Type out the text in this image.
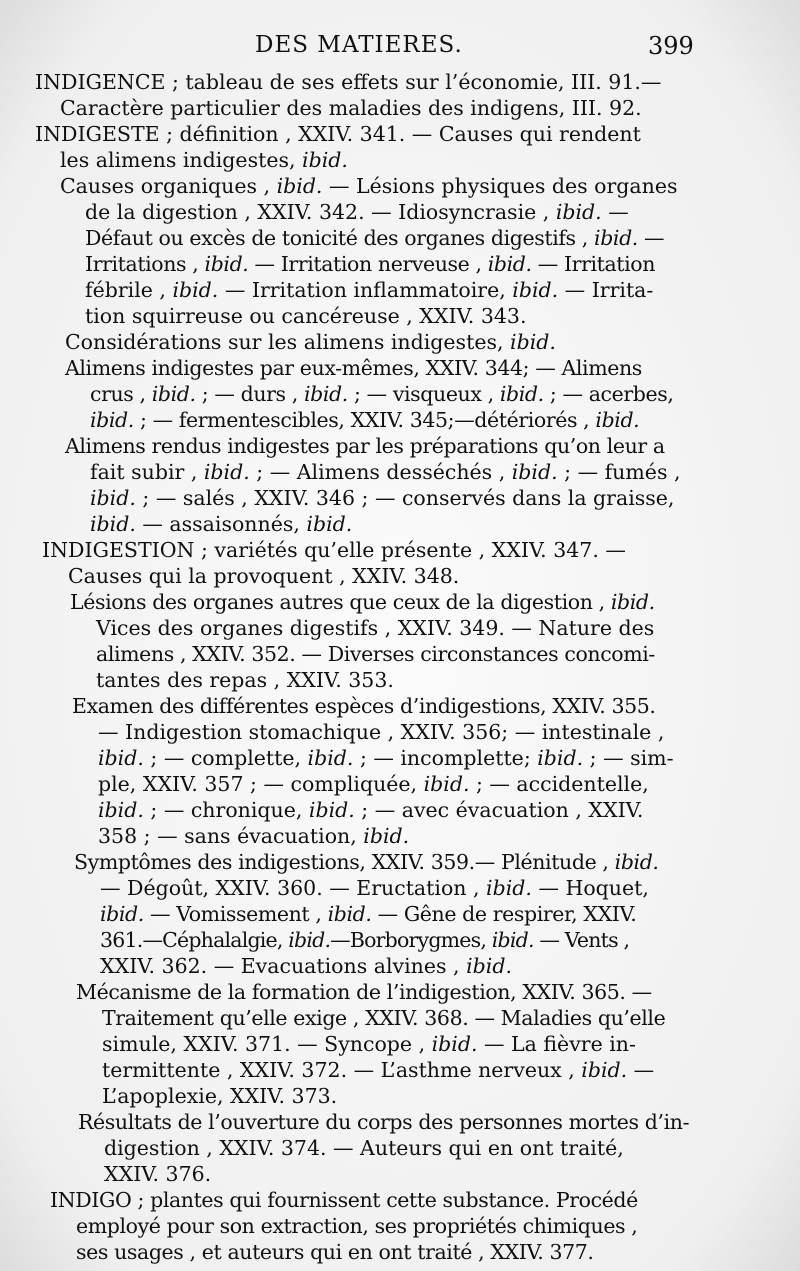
DES MATIERES.	399
INDIGENCE ; tableau de ses effets sur l’économie, III. 91.—
Caractère particulier des maladies des indigens, III. 92.
INDIGESTE ; définition , XXIV. 341. — Causes qui rendent
les alimens indigestes, ibid.
Causes organiques , ibid. — Lésions physiques des organes
de la digestion , XXIV. 342. — Idiosyncrasie , ibid. —
Défaut ou excès de tonicité des organes digestifs , ibid. —
Irritations , ibid. — Irritation nerveuse , ibid. — Irritation
fébrile , ibid. — Irritation inflammatoire, ibid. — Irrita-
tion squirreuse ou cancéreuse , XXIV. 343.
Considérations sur les alimens indigestes, ibid.
Alimens indigestes par eux-mêmes, XXIV. 344; — Alimens
crus , ibid. ; — durs , ibid. ; — visqueux , ibid. ; — acerbes,
ibid. ; — fermentescibles, XXIV. 345;—détériorés , ibid.
Alimens rendus indigestes par les préparations qu’on leur a
fait subir , ibid. ; — Alimens desséchés , ibid. ; — fumés ,
ibid. ; — salés , XXIV. 346 ; — conservés dans la graisse,
ibid. — assaisonnés, ibid.
INDIGESTION ; variétés qu’elle présente , XXIV. 347. —
Causes qui la provoquent , XXIV. 348.
Lésions des organes autres que ceux de la digestion , ibid.
Vices des organes digestifs , XXIV. 349. — Nature des
alimens , XXIV. 352. — Diverses circonstances concomi-
tantes des repas , XXIV. 353.
Examen des différentes espèces d’indigestions, XXIV. 355.
— Indigestion stomachique , XXIV. 356; — intestinale ,
ibid. ; — complette, ibid. ; — incomplette; ibid. ; — sim-
ple, XXIV. 357 ; — compliquée, ibid. ; — accidentelle,
ibid. ; — chronique, ibid. ; — avec évacuation , XXIV.
358 ; — sans évacuation, ibid.
Symptômes des indigestions, XXIV. 359.— Plénitude , ibid.
— Dégoût, XXIV. 360. — Eructation , ibid. — Hoquet,
ibid. — Vomissement , ibid. — Gêne de respirer, XXIV.
361.—Céphalalgie, ibid.—Borborygmes, ibid. — Vents ,
XXIV. 362. — Evacuations alvines , ibid.
Mécanisme de la formation de l’indigestion, XXIV. 365. —
Traitement qu’elle exige , XXIV. 368. — Maladies qu’elle
simule, XXIV. 371. — Syncope , ibid. — La fièvre in-
termittente , XXIV. 372. — L’asthme nerveux , ibid. —
L’apoplexie, XXIV. 373.
Résultats de l’ouverture du corps des personnes mortes d’in-
digestion , XXIV. 374. — Auteurs qui en ont traité,
XXIV. 376.
INDIGO ; plantes qui fournissent cette substance. Procédé
employé pour son extraction, ses propriétés chimiques ,
ses usages , et auteurs qui en ont traité , XXIV. 377.
